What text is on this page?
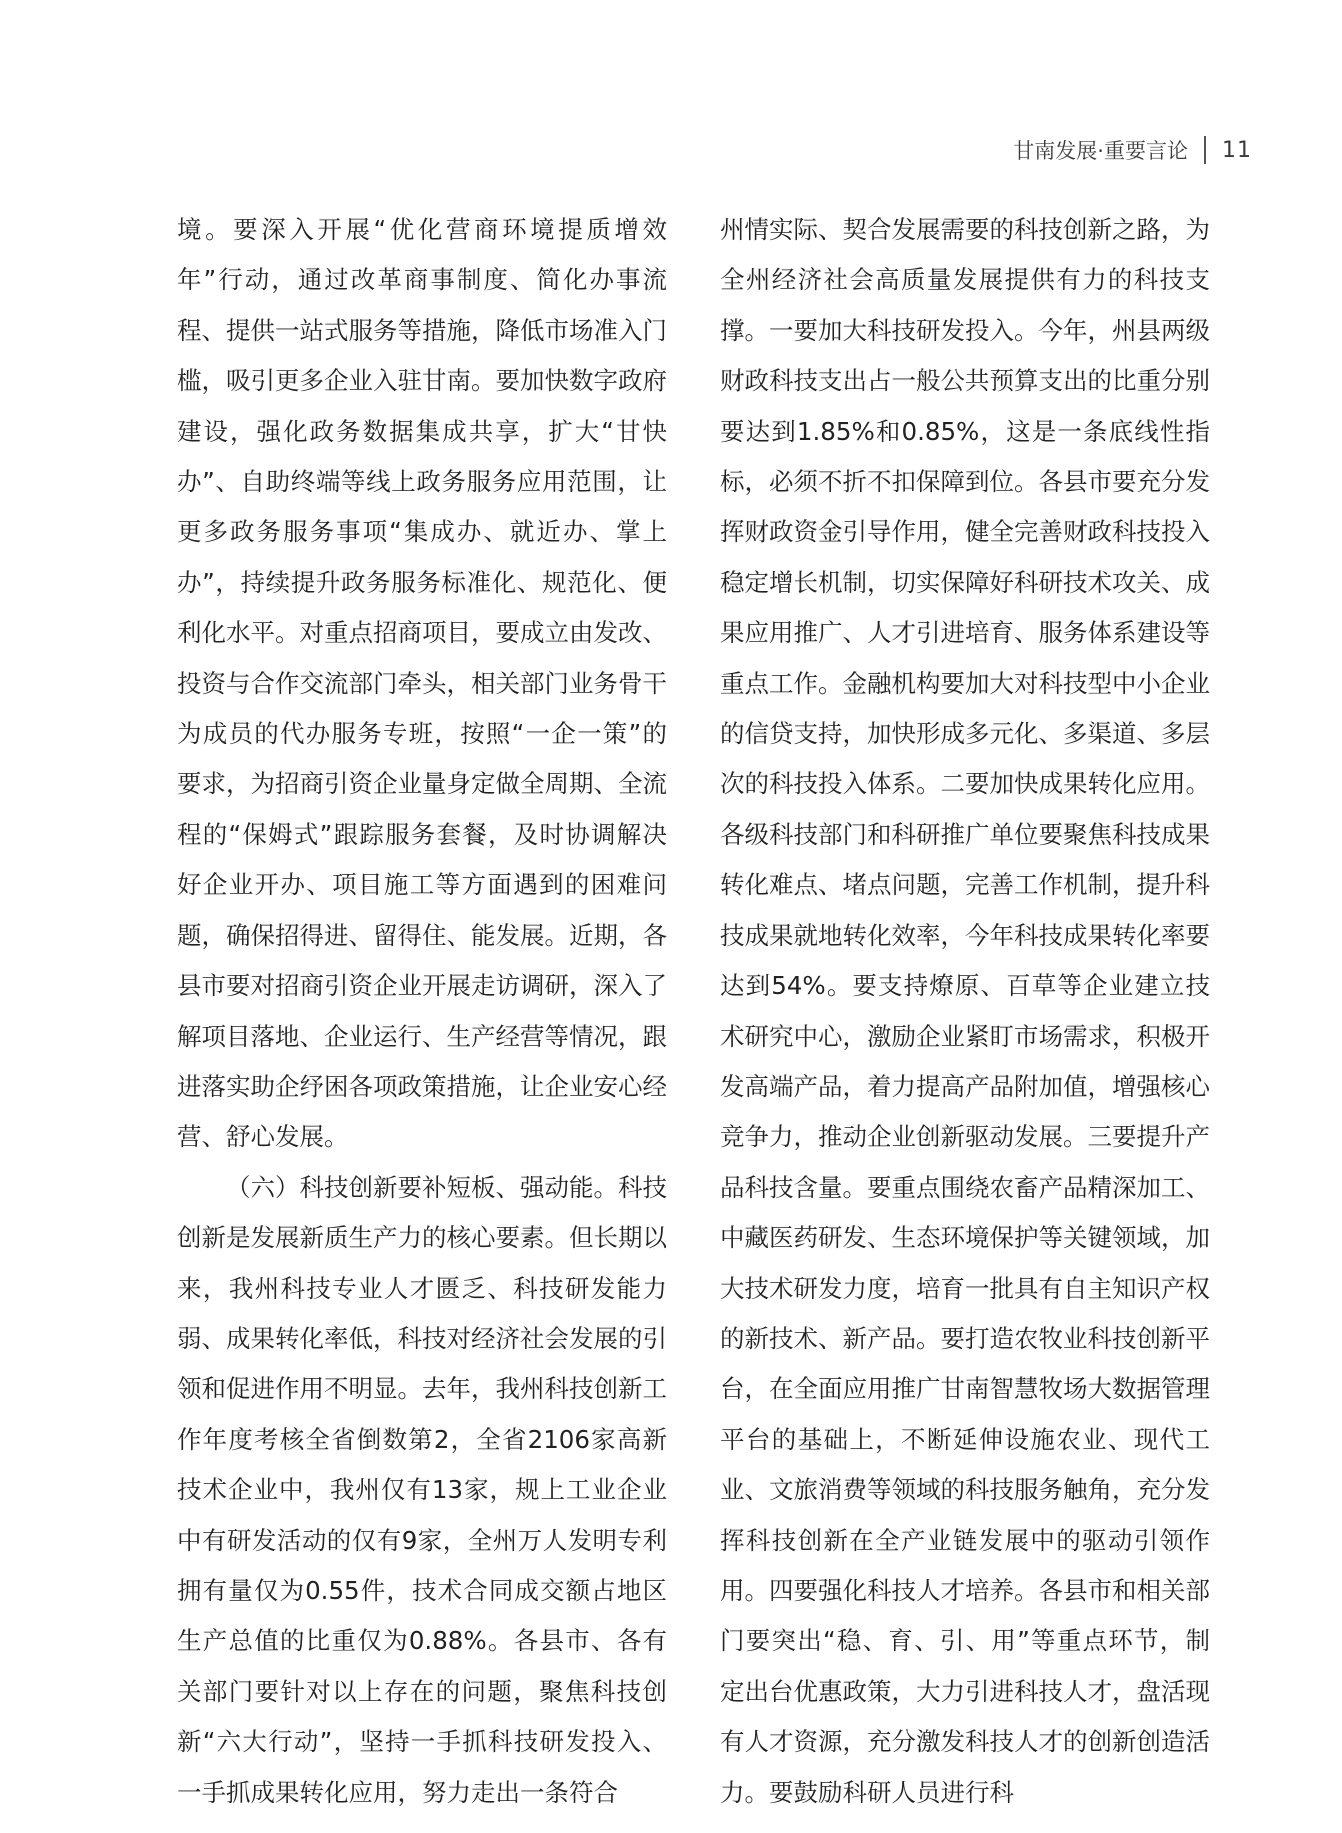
甘南发展·重要言论 11

境。要深入开展“优化营商环境提质增效年”行动，通过改革商事制度、简化办事流程、提供一站式服务等措施，降低市场准入门槛，吸引更多企业入驻甘南。要加快数字政府建设，强化政务数据集成共享，扩大“甘快办”、自助终端等线上政务服务应用范围，让更多政务服务事项“集成办、就近办、掌上办”，持续提升政务服务标准化、规范化、便利化水平。对重点招商项目，要成立由发改、投资与合作交流部门牵头，相关部门业务骨干为成员的代办服务专班，按照“一企一策”的要求，为招商引资企业量身定做全周期、全流程的“保姆式”跟踪服务套餐，及时协调解决好企业开办、项目施工等方面遇到的困难问题，确保招得进、留得住、能发展。近期，各县市要对招商引资企业开展走访调研，深入了解项目落地、企业运行、生产经营等情况，跟进落实助企纾困各项政策措施，让企业安心经营、舒心发展。

（六）科技创新要补短板、强动能。科技创新是发展新质生产力的核心要素。但长期以来，我州科技专业人才匮乏、科技研发能力弱、成果转化率低，科技对经济社会发展的引领和促进作用不明显。去年，我州科技创新工作年度考核全省倒数第2，全省2106家高新技术企业中，我州仅有13家，规上工业企业中有研发活动的仅有9家，全州万人发明专利拥有量仅为0.55件，技术合同成交额占地区生产总值的比重仅为0.88%。各县市、各有关部门要针对以上存在的问题，聚焦科技创新“六大行动”，坚持一手抓科技研发投入、一手抓成果转化应用，努力走出一条符合

州情实际、契合发展需要的科技创新之路，为全州经济社会高质量发展提供有力的科技支撑。一要加大科技研发投入。今年，州县两级财政科技支出占一般公共预算支出的比重分别要达到1.85%和0.85%，这是一条底线性指标，必须不折不扣保障到位。各县市要充分发挥财政资金引导作用，健全完善财政科技投入稳定增长机制，切实保障好科研技术攻关、成果应用推广、人才引进培育、服务体系建设等重点工作。金融机构要加大对科技型中小企业的信贷支持，加快形成多元化、多渠道、多层次的科技投入体系。二要加快成果转化应用。各级科技部门和科研推广单位要聚焦科技成果转化难点、堵点问题，完善工作机制，提升科技成果就地转化效率，今年科技成果转化率要达到54%。要支持燎原、百草等企业建立技术研究中心，激励企业紧盯市场需求，积极开发高端产品，着力提高产品附加值，增强核心竞争力，推动企业创新驱动发展。三要提升产品科技含量。要重点围绕农畜产品精深加工、中藏医药研发、生态环境保护等关键领域，加大技术研发力度，培育一批具有自主知识产权的新技术、新产品。要打造农牧业科技创新平台，在全面应用推广甘南智慧牧场大数据管理平台的基础上，不断延伸设施农业、现代工业、文旅消费等领域的科技服务触角，充分发挥科技创新在全产业链发展中的驱动引领作用。四要强化科技人才培养。各县市和相关部门要突出“稳、育、引、用”等重点环节，制定出台优惠政策，大力引进科技人才，盘活现有人才资源，充分激发科技人才的创新创造活力。要鼓励科研人员进行科
